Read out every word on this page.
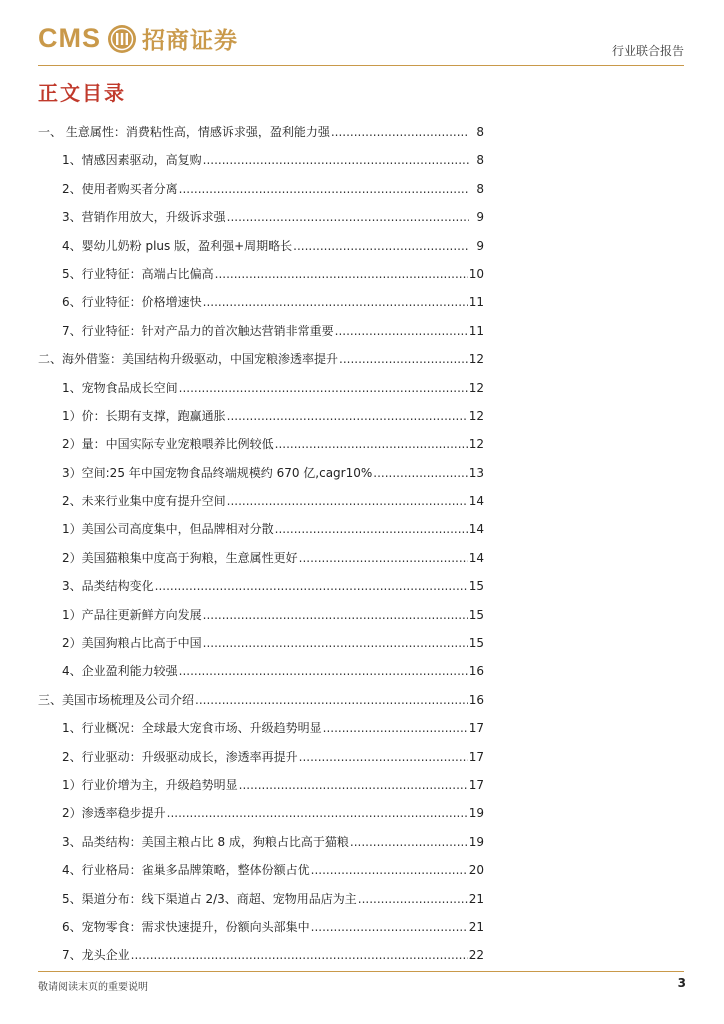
CMS 招商证券	行业联合报告
正文目录
一、 生意属性：消费粘性高，情感诉求强，盈利能力强 .....	8
1、情感因素驱动，高复购 .....	8
2、使用者购买者分离 .....	8
3、营销作用放大，升级诉求强 .....	9
4、婴幼儿奶粉 plus 版，盈利强+周期略长 .....	9
5、行业特征：高端占比偏高 .....	10
6、行业特征：价格增速快 .....	11
7、行业特征：针对产品力的首次触达营销非常重要 .....	11
二、海外借鉴：美国结构升级驱动，中国宠粮渗透率提升 .....	12
1、宠物食品成长空间 .....	12
1）价：长期有支撑，跑赢通胀 .....	12
2）量：中国实际专业宠粮喂养比例较低 .....	12
3）空间:25 年中国宠物食品终端规模约 670 亿,cagr10% .....	13
2、未来行业集中度有提升空间 .....	14
1）美国公司高度集中，但品牌相对分散 .....	14
2）美国猫粮集中度高于狗粮，生意属性更好 .....	14
3、品类结构变化 .....	15
1）产品往更新鲜方向发展 .....	15
2）美国狗粮占比高于中国 .....	15
4、企业盈利能力较强 .....	16
三、美国市场梳理及公司介绍 .....	16
1、行业概况：全球最大宠食市场、升级趋势明显 .....	17
2、行业驱动：升级驱动成长，渗透率再提升 .....	17
1）行业价增为主，升级趋势明显 .....	17
2）渗透率稳步提升 .....	19
3、品类结构：美国主粮占比 8 成，狗粮占比高于猫粮 .....	19
4、行业格局：雀巢多品牌策略，整体份额占优 .....	20
5、渠道分布：线下渠道占 2/3、商超、宠物用品店为主 .....	21
6、宠物零食：需求快速提升，份额向头部集中 .....	21
7、龙头企业 .....	22
敬请阅读末页的重要说明	3
